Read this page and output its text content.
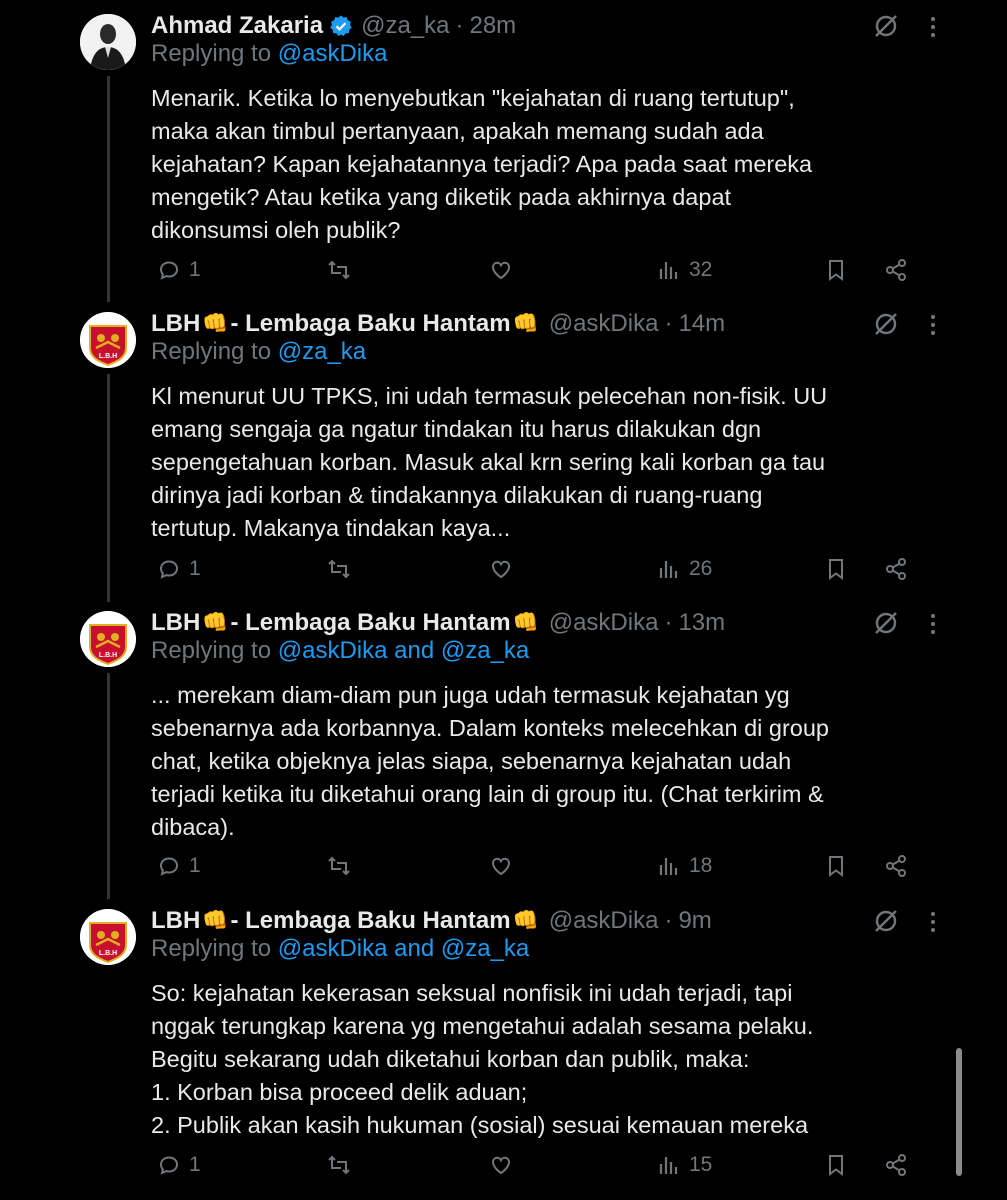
Ahmad Zakaria @za_ka · 28m
Replying to @askDika
Menarik. Ketika lo menyebutkan "kejahatan di ruang tertutup",
maka akan timbul pertanyaan, apakah memang sudah ada
kejahatan? Kapan kejahatannya terjadi? Apa pada saat mereka
mengetik? Atau ketika yang diketik pada akhirnya dapat
dikonsumsi oleh publik?
1	32
L.B.H
LBH 👊 - Lembaga Baku Hantam 👊 @askDika · 14m
Replying to @za_ka
Kl menurut UU TPKS, ini udah termasuk pelecehan non-fisik. UU
emang sengaja ga ngatur tindakan itu harus dilakukan dgn
sepengetahuan korban. Masuk akal krn sering kali korban ga tau
dirinya jadi korban & tindakannya dilakukan di ruang-ruang
tertutup. Makanya tindakan kaya...
1	26
L.B.H
LBH 👊 - Lembaga Baku Hantam 👊 @askDika · 13m
Replying to @askDika and @za_ka
... merekam diam-diam pun juga udah termasuk kejahatan yg
sebenarnya ada korbannya. Dalam konteks melecehkan di group
chat, ketika objeknya jelas siapa, sebenarnya kejahatan udah
terjadi ketika itu diketahui orang lain di group itu. (Chat terkirim &
dibaca).
1	18
L.B.H
LBH 👊 - Lembaga Baku Hantam 👊 @askDika · 9m
Replying to @askDika and @za_ka
So: kejahatan kekerasan seksual nonfisik ini udah terjadi, tapi
nggak terungkap karena yg mengetahui adalah sesama pelaku.
Begitu sekarang udah diketahui korban dan publik, maka:
1. Korban bisa proceed delik aduan;
2. Publik akan kasih hukuman (sosial) sesuai kemauan mereka
1	15
